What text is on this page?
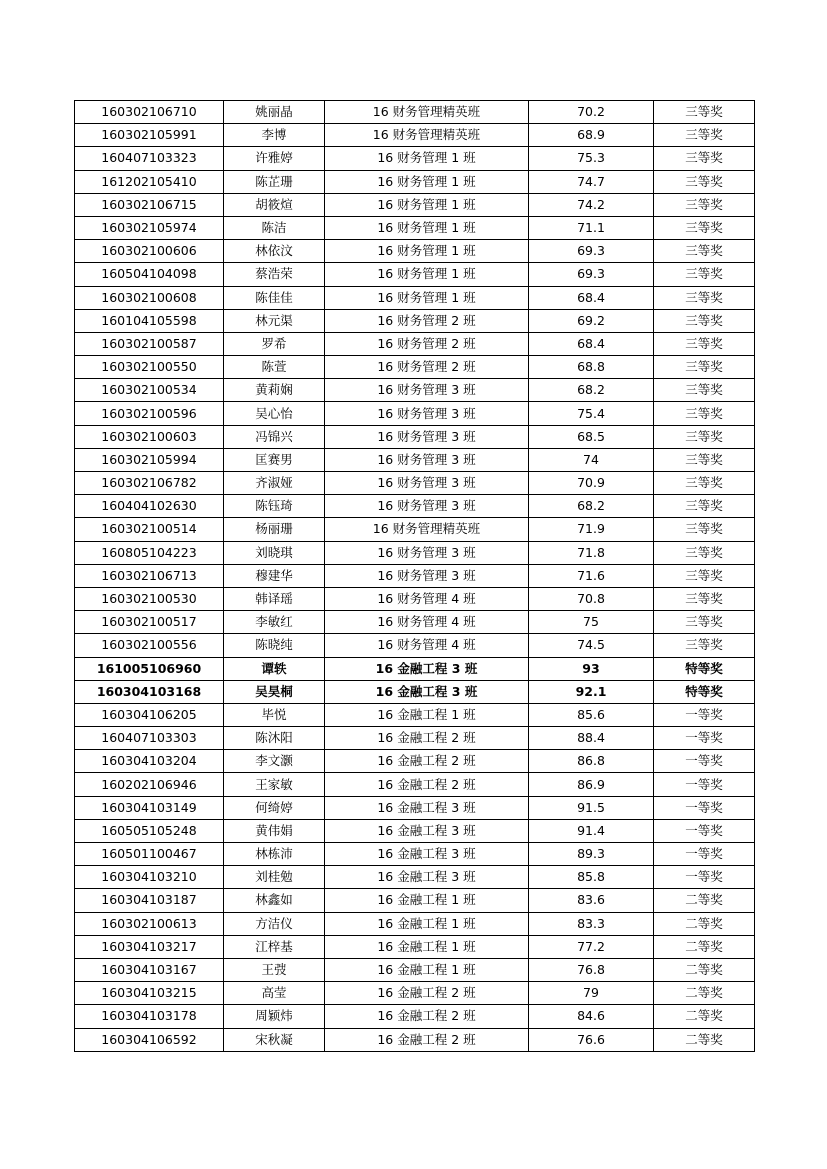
160302106710	姚丽晶	16 财务管理精英班	70.2	三等奖
160302105991	李博	16 财务管理精英班	68.9	三等奖
160407103323	许雅婷	16 财务管理 1 班	75.3	三等奖
161202105410	陈芷珊	16 财务管理 1 班	74.7	三等奖
160302106715	胡筱煊	16 财务管理 1 班	74.2	三等奖
160302105974	陈洁	16 财务管理 1 班	71.1	三等奖
160302100606	林依汶	16 财务管理 1 班	69.3	三等奖
160504104098	蔡浩荣	16 财务管理 1 班	69.3	三等奖
160302100608	陈佳佳	16 财务管理 1 班	68.4	三等奖
160104105598	林元渠	16 财务管理 2 班	69.2	三等奖
160302100587	罗希	16 财务管理 2 班	68.4	三等奖
160302100550	陈萱	16 财务管理 2 班	68.8	三等奖
160302100534	黄莉娴	16 财务管理 3 班	68.2	三等奖
160302100596	吴心怡	16 财务管理 3 班	75.4	三等奖
160302100603	冯锦兴	16 财务管理 3 班	68.5	三等奖
160302105994	匡赛男	16 财务管理 3 班	74	三等奖
160302106782	齐淑娅	16 财务管理 3 班	70.9	三等奖
160404102630	陈钰琦	16 财务管理 3 班	68.2	三等奖
160302100514	杨丽珊	16 财务管理精英班	71.9	三等奖
160805104223	刘晓琪	16 财务管理 3 班	71.8	三等奖
160302106713	穆建华	16 财务管理 3 班	71.6	三等奖
160302100530	韩译瑶	16 财务管理 4 班	70.8	三等奖
160302100517	李敏红	16 财务管理 4 班	75	三等奖
160302100556	陈晓纯	16 财务管理 4 班	74.5	三等奖
161005106960	谭轶	16 金融工程 3 班	93	特等奖
160304103168	吴昊桐	16 金融工程 3 班	92.1	特等奖
160304106205	毕悦	16 金融工程 1 班	85.6	一等奖
160407103303	陈沐阳	16 金融工程 2 班	88.4	一等奖
160304103204	李文灏	16 金融工程 2 班	86.8	一等奖
160202106946	王家敏	16 金融工程 2 班	86.9	一等奖
160304103149	何绮婷	16 金融工程 3 班	91.5	一等奖
160505105248	黄伟娟	16 金融工程 3 班	91.4	一等奖
160501100467	林栋沛	16 金融工程 3 班	89.3	一等奖
160304103210	刘桂勉	16 金融工程 3 班	85.8	一等奖
160304103187	林鑫如	16 金融工程 1 班	83.6	二等奖
160302100613	方洁仪	16 金融工程 1 班	83.3	二等奖
160304103217	江梓基	16 金融工程 1 班	77.2	二等奖
160304103167	王弢	16 金融工程 1 班	76.8	二等奖
160304103215	高莹	16 金融工程 2 班	79	二等奖
160304103178	周颖炜	16 金融工程 2 班	84.6	二等奖
160304106592	宋秋凝	16 金融工程 2 班	76.6	二等奖
